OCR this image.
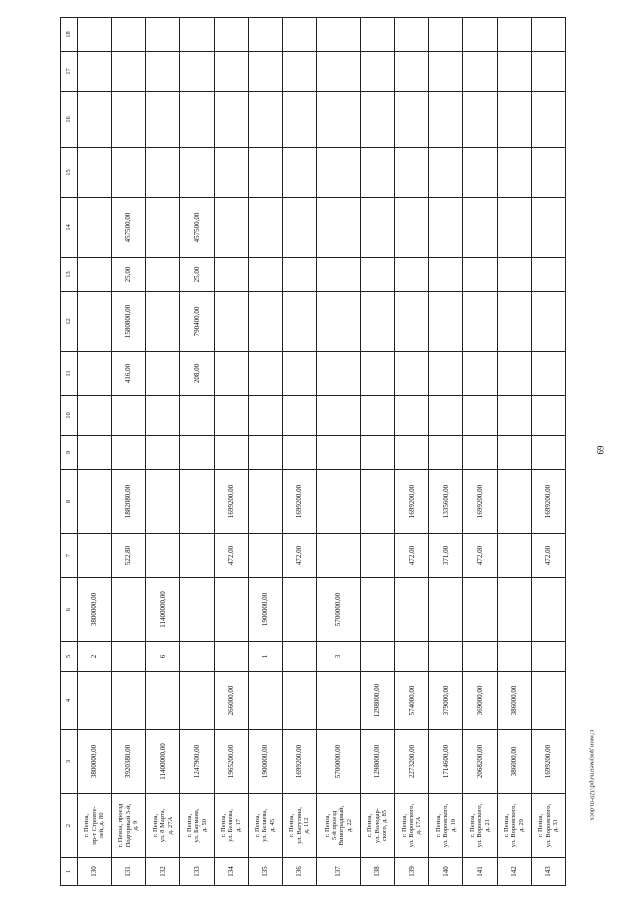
69
1	2	3	4	5	6	7	8	9	10	11	12	13	14	15	16	17	18
130	г. Пенза,
пр-т Строите-
лей, д. 80	3800000,00		2	3800000,00												
131	г. Пенза, проезд
Подгорный 3-й,
д. 9	3920380,00				522,80	1882080,00			416,00	1580800,00	25,00	457500,00				
132	г. Пенза,
ул. 8 Марта,
д. 27А	11400000,00		6	11400000,00												
133	г. Пенза,
ул. Баумана,
д. 50	1247900,00								208,00	790400,00	25,00	457500,00				
134	г. Пенза,
ул. Беляева,
д. 17	1965200,00	266000,00			472,00	1699200,00										
135	г. Пенза,
ул. Беляева,
д. 45	1900000,00		1	1900000,00												
136	г. Пенза,
ул. Ватутина,
д. 112	1699200,00				472,00	1699200,00										
137	г. Пенза,
5-й проезд
Виноградный,
д. 22	5700000,00		3	5700000,00												
138	г. Пенза,
ул. Володар-
ского, д. 85	1298000,00	1298000,00														
139	г. Пенза,
ул. Воронского,
д. 17А	2273200,00	574000,00			472,00	1699200,00										
140	г. Пенза,
ул. Воронского,
д. 19	1714600,00	379000,00			371,00	1335600,00										
141	г. Пенза,
ул. Воронского,
д. 21	2068200,00	369000,00			472,00	1699200,00										
142	г. Пенза,
ул. Воронского,
д. 29	386000,00	386000,00														
143	г. Пенза,
ул. Воронского,
д. 31	1699200,00				472,00	1699200,00										
c:\мои документы\pd\320-m.docx
